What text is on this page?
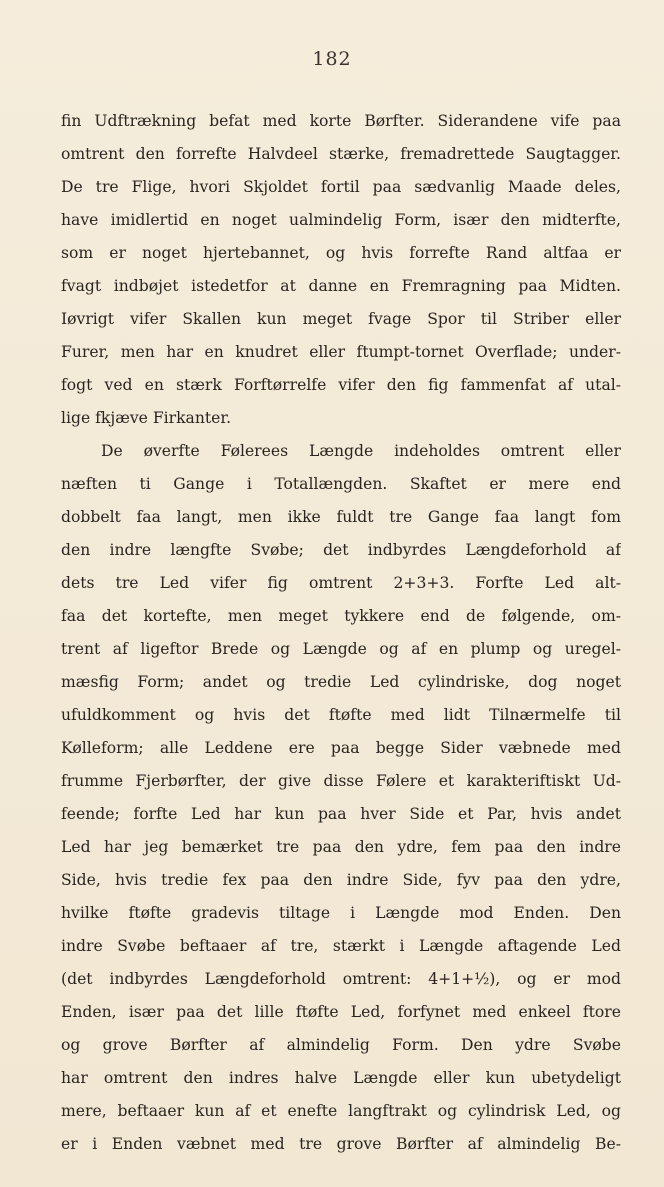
182
fin Udftrækning befat med korte Børfter. Siderandene vife paa
omtrent den forrefte Halvdeel stærke, fremadrettede Saugtagger.
De tre Flige, hvori Skjoldet fortil paa sædvanlig Maade deles,
have imidlertid en noget ualmindelig Form, især den midterfte,
som er noget hjertebannet, og hvis forrefte Rand altfaa er
fvagt indbøjet istedetfor at danne en Fremragning paa Midten.
Iøvrigt vifer Skallen kun meget fvage Spor til Striber eller
Furer, men har en knudret eller ftumpt-tornet Overflade; under-
fogt ved en stærk Forftørrelfe vifer den fig fammenfat af utal-
lige fkjæve Firkanter.
De øverfte Følerees Længde indeholdes omtrent eller
næften ti Gange i Totallængden. Skaftet er mere end
dobbelt faa langt, men ikke fuldt tre Gange faa langt fom
den indre længfte Svøbe; det indbyrdes Længdeforhold af
dets tre Led vifer fig omtrent 2+3+3. Forfte Led alt-
faa det kortefte, men meget tykkere end de følgende, om-
trent af ligeftor Brede og Længde og af en plump og uregel-
mæsfig Form; andet og tredie Led cylindriske, dog noget
ufuldkomment og hvis det ftøfte med lidt Tilnærmelfe til
Kølleform; alle Leddene ere paa begge Sider væbnede med
frumme Fjerbørfter, der give disse Følere et karakteriftiskt Ud-
feende; forfte Led har kun paa hver Side et Par, hvis andet
Led har jeg bemærket tre paa den ydre, fem paa den indre
Side, hvis tredie fex paa den indre Side, fyv paa den ydre,
hvilke ftøfte gradevis tiltage i Længde mod Enden. Den
indre Svøbe beftaaer af tre, stærkt i Længde aftagende Led
(det indbyrdes Længdeforhold omtrent: 4+1+½), og er mod
Enden, især paa det lille ftøfte Led, forfynet med enkeel ftore
og grove Børfter af almindelig Form. Den ydre Svøbe
har omtrent den indres halve Længde eller kun ubetydeligt
mere, beftaaer kun af et enefte langftrakt og cylindrisk Led, og
er i Enden væbnet med tre grove Børfter af almindelig Be-
